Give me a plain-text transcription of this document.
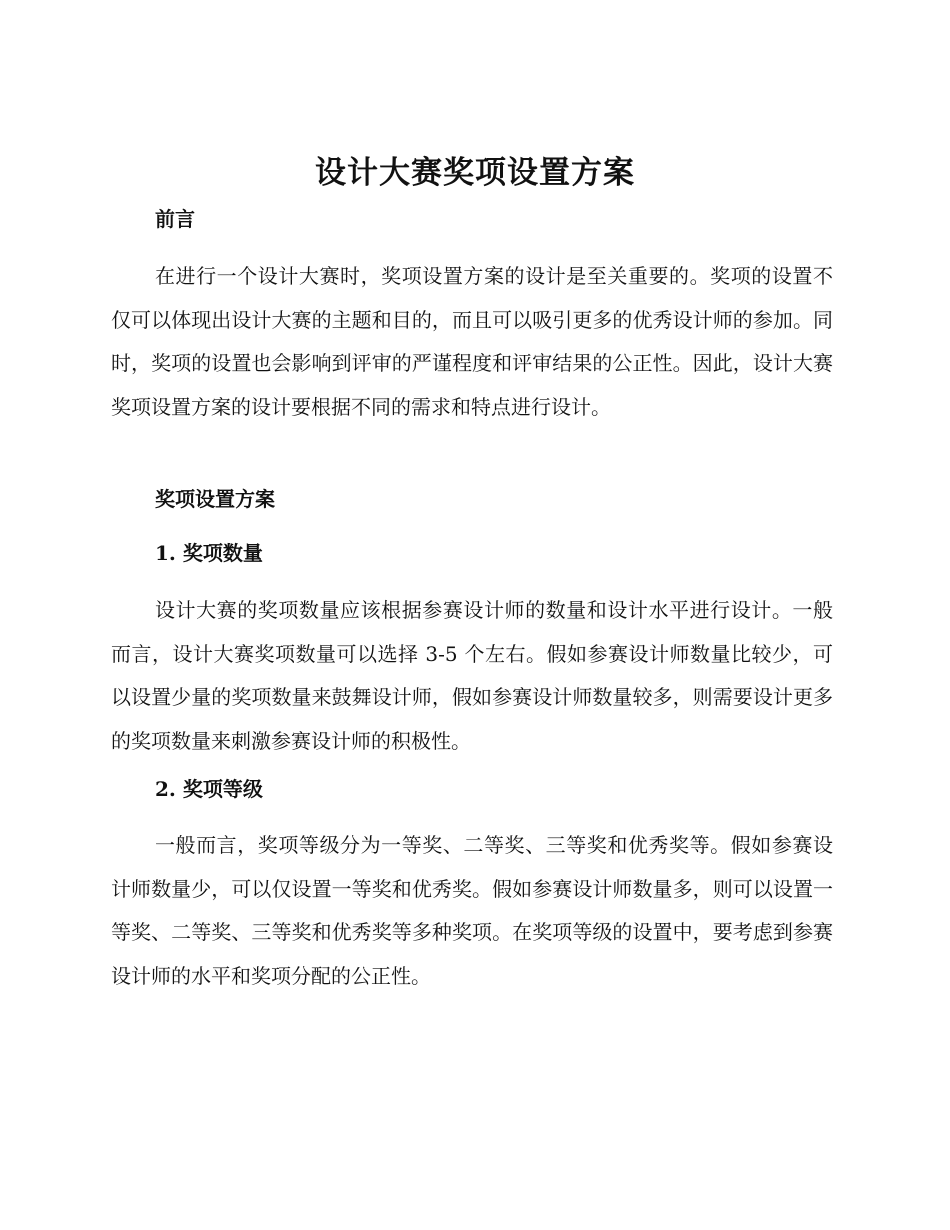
设计大赛奖项设置方案
前言

在进行一个设计大赛时，奖项设置方案的设计是至关重要的。奖项的设置不仅可以体现出设计大赛的主题和目的，而且可以吸引更多的优秀设计师的参加。同时，奖项的设置也会影响到评审的严谨程度和评审结果的公正性。因此，设计大赛奖项设置方案的设计要根据不同的需求和特点进行设计。

奖项设置方案
1. 奖项数量

设计大赛的奖项数量应该根据参赛设计师的数量和设计水平进行设计。一般而言，设计大赛奖项数量可以选择 3-5 个左右。假如参赛设计师数量比较少，可以设置少量的奖项数量来鼓舞设计师，假如参赛设计师数量较多，则需要设计更多的奖项数量来刺激参赛设计师的积极性。

2. 奖项等级

一般而言，奖项等级分为一等奖、二等奖、三等奖和优秀奖等。假如参赛设计师数量少，可以仅设置一等奖和优秀奖。假如参赛设计师数量多，则可以设置一等奖、二等奖、三等奖和优秀奖等多种奖项。在奖项等级的设置中，要考虑到参赛设计师的水平和奖项分配的公正性。
